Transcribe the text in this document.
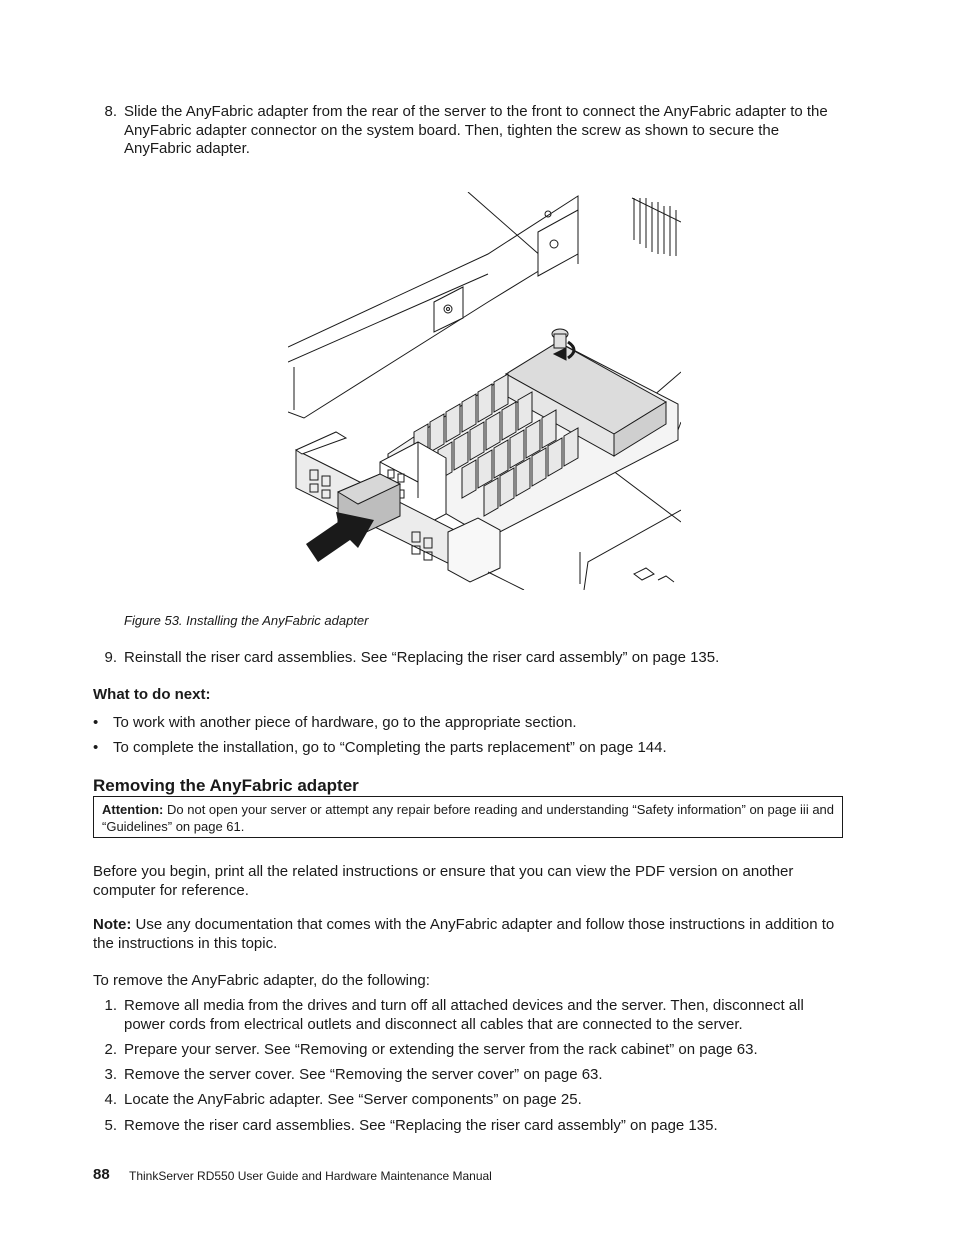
8. Slide the AnyFabric adapter from the rear of the server to the front to connect the AnyFabric adapter to the AnyFabric adapter connector on the system board. Then, tighten the screw as shown to secure the AnyFabric adapter.
Figure 53. Installing the AnyFabric adapter
9. Reinstall the riser card assemblies. See “Replacing the riser card assembly” on page 135.
What to do next:
• To work with another piece of hardware, go to the appropriate section.
• To complete the installation, go to “Completing the parts replacement” on page 144.
Removing the AnyFabric adapter
Attention: Do not open your server or attempt any repair before reading and understanding “Safety information” on page iii and “Guidelines” on page 61.
Before you begin, print all the related instructions or ensure that you can view the PDF version on another computer for reference.
Note: Use any documentation that comes with the AnyFabric adapter and follow those instructions in addition to the instructions in this topic.
To remove the AnyFabric adapter, do the following:
1. Remove all media from the drives and turn off all attached devices and the server. Then, disconnect all power cords from electrical outlets and disconnect all cables that are connected to the server.
2. Prepare your server. See “Removing or extending the server from the rack cabinet” on page 63.
3. Remove the server cover. See “Removing the server cover” on page 63.
4. Locate the AnyFabric adapter. See “Server components” on page 25.
5. Remove the riser card assemblies. See “Replacing the riser card assembly” on page 135.
88 ThinkServer RD550 User Guide and Hardware Maintenance Manual
